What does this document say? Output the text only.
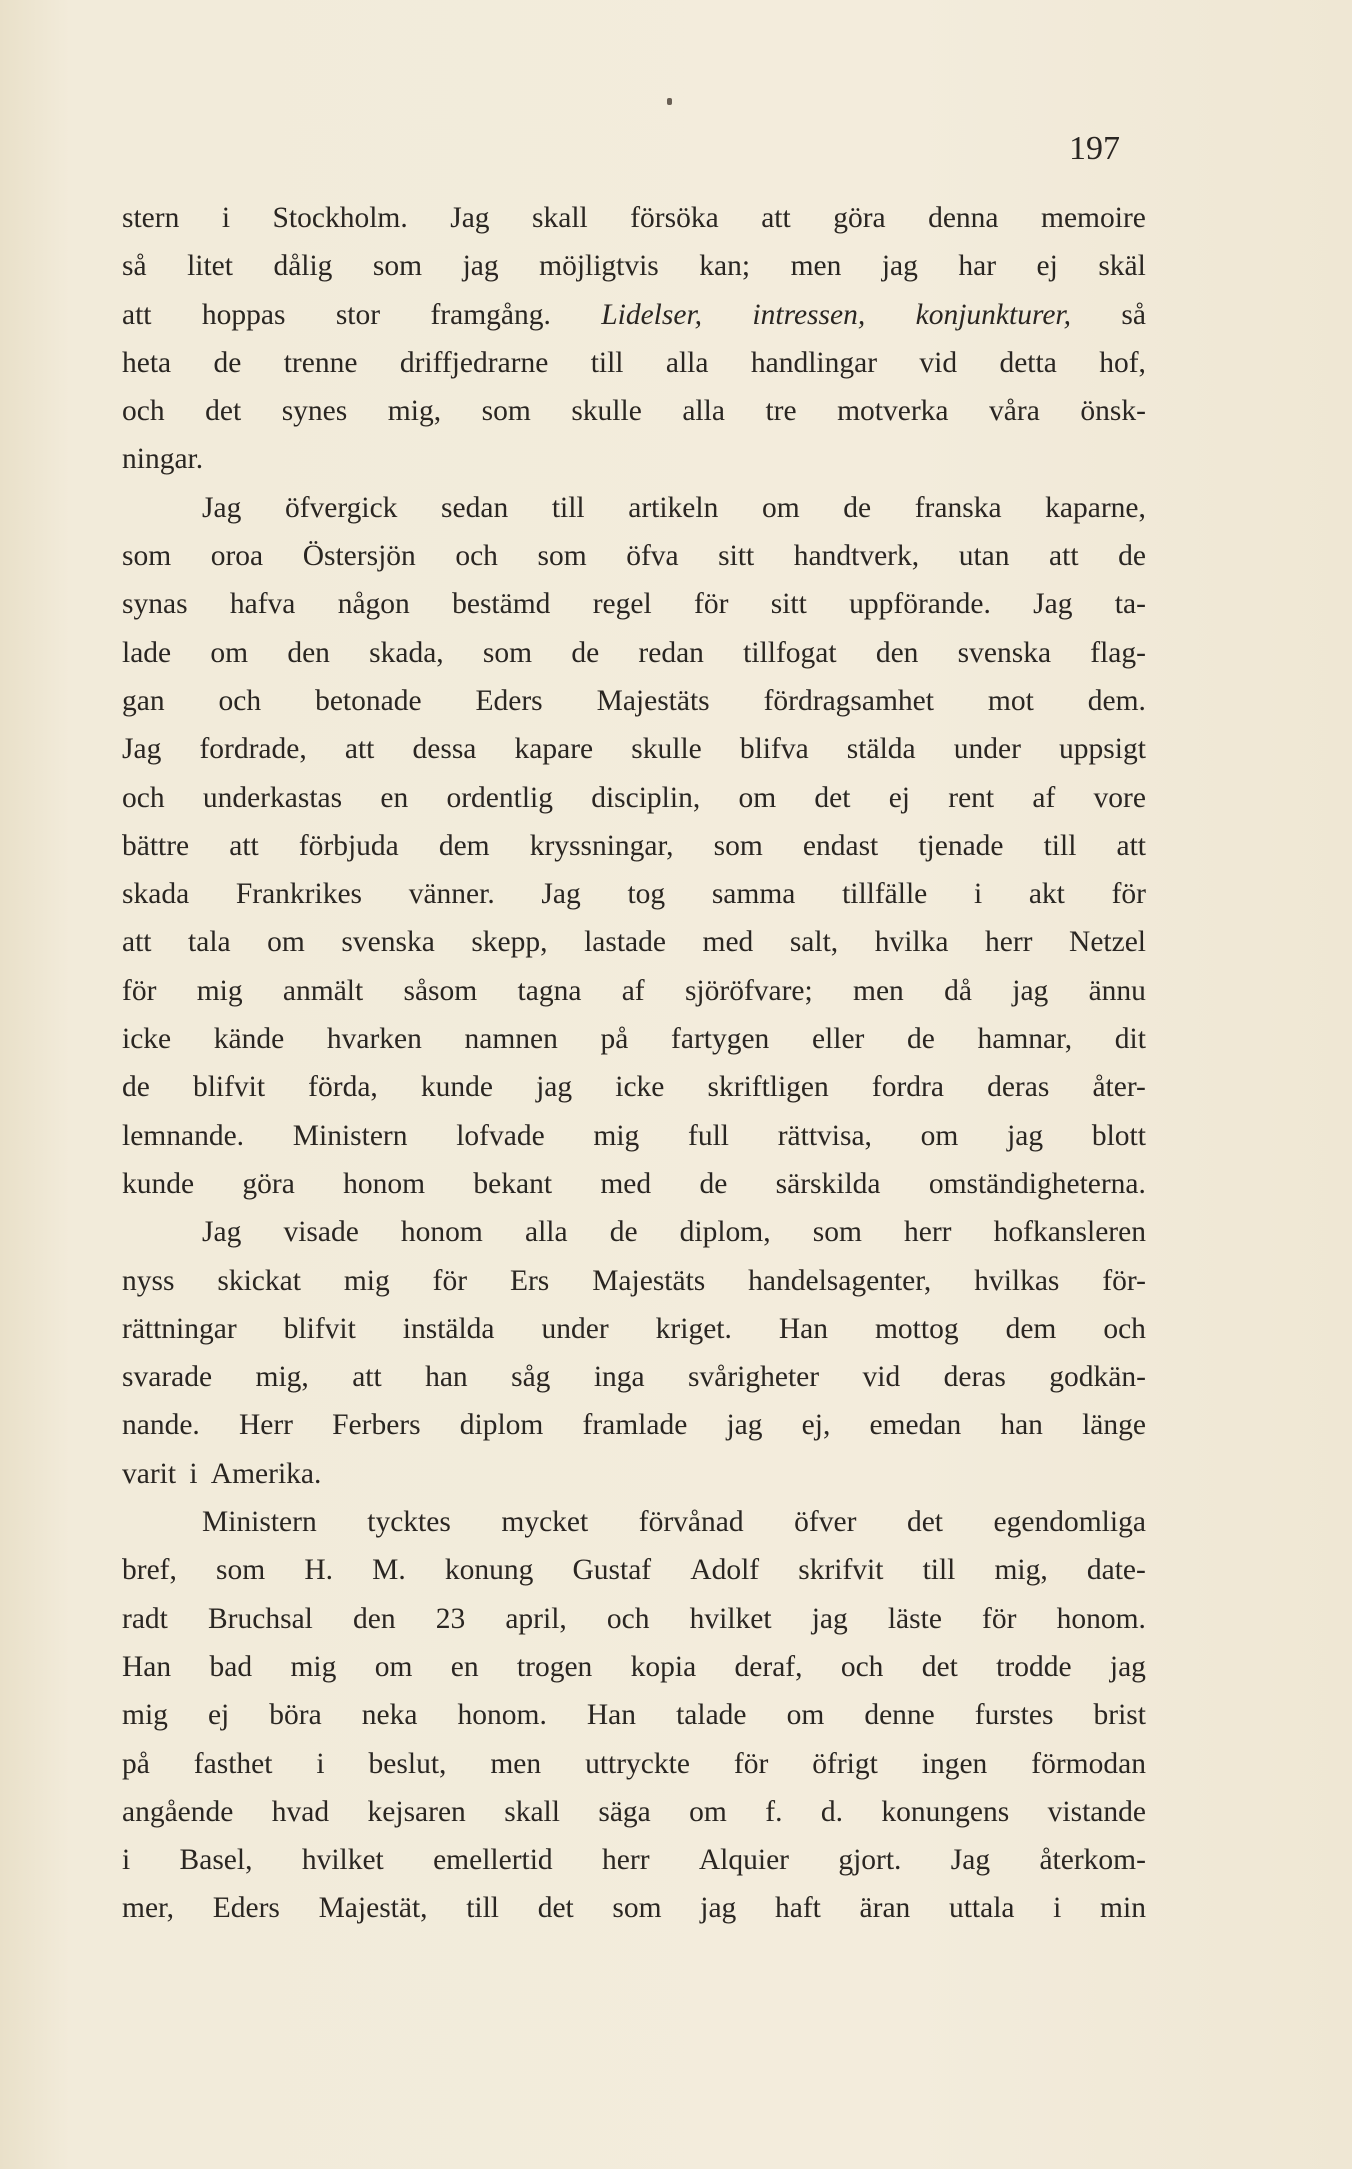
197
stern i Stockholm. Jag skall försöka att göra denna memoire
så litet dålig som jag möjligtvis kan; men jag har ej skäl
att hoppas stor framgång. Lidelser, intressen, konjunkturer, så
heta de trenne driffjedrarne till alla handlingar vid detta hof,
och det synes mig, som skulle alla tre motverka våra önsk-
ningar.
Jag öfvergick sedan till artikeln om de franska kaparne,
som oroa Östersjön och som öfva sitt handtverk, utan att de
synas hafva någon bestämd regel för sitt uppförande. Jag ta-
lade om den skada, som de redan tillfogat den svenska flag-
gan och betonade Eders Majestäts fördragsamhet mot dem.
Jag fordrade, att dessa kapare skulle blifva stälda under uppsigt
och underkastas en ordentlig disciplin, om det ej rent af vore
bättre att förbjuda dem kryssningar, som endast tjenade till att
skada Frankrikes vänner. Jag tog samma tillfälle i akt för
att tala om svenska skepp, lastade med salt, hvilka herr Netzel
för mig anmält såsom tagna af sjöröfvare; men då jag ännu
icke kände hvarken namnen på fartygen eller de hamnar, dit
de blifvit förda, kunde jag icke skriftligen fordra deras åter-
lemnande. Ministern lofvade mig full rättvisa, om jag blott
kunde göra honom bekant med de särskilda omständigheterna.
Jag visade honom alla de diplom, som herr hofkansleren
nyss skickat mig för Ers Majestäts handelsagenter, hvilkas för-
rättningar blifvit instälda under kriget. Han mottog dem och
svarade mig, att han såg inga svårigheter vid deras godkän-
nande. Herr Ferbers diplom framlade jag ej, emedan han länge
varit i Amerika.
Ministern tycktes mycket förvånad öfver det egendomliga
bref, som H. M. konung Gustaf Adolf skrifvit till mig, date-
radt Bruchsal den 23 april, och hvilket jag läste för honom.
Han bad mig om en trogen kopia deraf, och det trodde jag
mig ej böra neka honom. Han talade om denne furstes brist
på fasthet i beslut, men uttryckte för öfrigt ingen förmodan
angående hvad kejsaren skall säga om f. d. konungens vistande
i Basel, hvilket emellertid herr Alquier gjort. Jag återkom-
mer, Eders Majestät, till det som jag haft äran uttala i min
